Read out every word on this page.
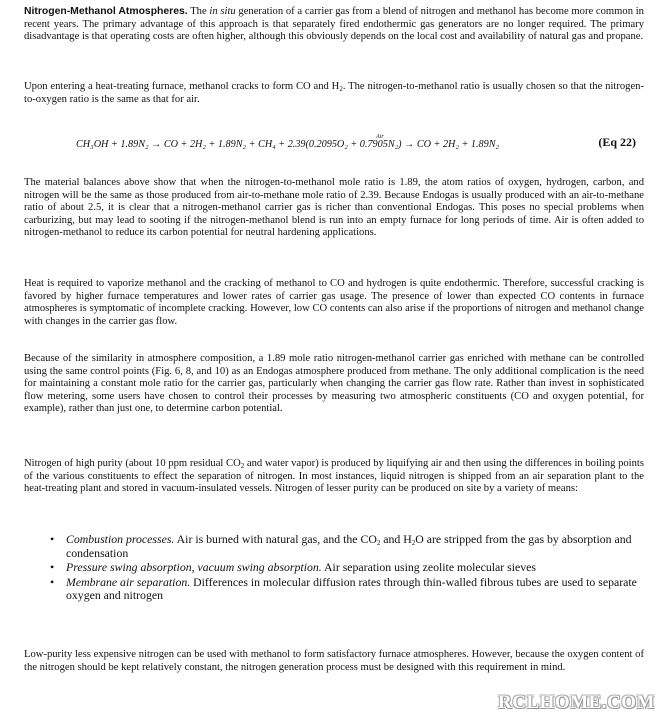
Nitrogen-Methanol Atmospheres. The in situ generation of a carrier gas from a blend of nitrogen and methanol has become more common in recent years. The primary advantage of this approach is that separately fired endothermic gas generators are no longer required. The primary disadvantage is that operating costs are often higher, although this obviously depends on the local cost and availability of natural gas and propane.

Upon entering a heat-treating furnace, methanol cracks to form CO and $H_2$. The nitrogen-to-methanol ratio is usually chosen so that the nitrogen-to-oxygen ratio is the same as that for air.

Air
CH₃OH + 1.89N₂ → CO + 2H₂ + 1.89N₂ + CH₄ + 2.39(0.2095O₂ + 0.7905N₂) → CO + 2H₂ + 1.89N₂	(Eq 22)

The material balances above show that when the nitrogen-to-methanol mole ratio is 1.89, the atom ratios of oxygen, hydrogen, carbon, and nitrogen will be the same as those produced from air-to-methane mole ratio of 2.39. Because Endogas is usually produced with an air-to-methane ratio of about 2.5, it is clear that a nitrogen-methanol carrier gas is richer than conventional Endogas. This poses no special problems when carburizing, but may lead to sooting if the nitrogen-methanol blend is run into an empty furnace for long periods of time. Air is often added to nitrogen-methanol to reduce its carbon potential for neutral hardening applications.

Heat is required to vaporize methanol and the cracking of methanol to CO and hydrogen is quite endothermic. Therefore, successful cracking is favored by higher furnace temperatures and lower rates of carrier gas usage. The presence of lower than expected CO contents in furnace atmospheres is symptomatic of incomplete cracking. However, low CO contents can also arise if the proportions of nitrogen and methanol change with changes in the carrier gas flow.

Because of the similarity in atmosphere composition, a 1.89 mole ratio nitrogen-methanol carrier gas enriched with methane can be controlled using the same control points (Fig. 6, 8, and 10) as an Endogas atmosphere produced from methane. The only additional complication is the need for maintaining a constant mole ratio for the carrier gas, particularly when changing the carrier gas flow rate. Rather than invest in sophisticated flow metering, some users have chosen to control their processes by measuring two atmospheric constituents (CO and oxygen potential, for example), rather than just one, to determine carbon potential.

Nitrogen of high purity (about 10 ppm residual $CO_2$ and water vapor) is produced by liquifying air and then using the differences in boiling points of the various constituents to effect the separation of nitrogen. In most instances, liquid nitrogen is shipped from an air separation plant to the heat-treating plant and stored in vacuum-insulated vessels. Nitrogen of lesser purity can be produced on site by a variety of means:

• Combustion processes. Air is burned with natural gas, and the $CO_2$ and $H_2O$ are stripped from the gas by absorption and condensation
• Pressure swing absorption, vacuum swing absorption. Air separation using zeolite molecular sieves
• Membrane air separation. Differences in molecular diffusion rates through thin-walled fibrous tubes are used to separate oxygen and nitrogen

Low-purity less expensive nitrogen can be used with methanol to form satisfactory furnace atmospheres. However, because the oxygen content of the nitrogen should be kept relatively constant, the nitrogen generation process must be designed with this requirement in mind.

RCLHOME.COM
